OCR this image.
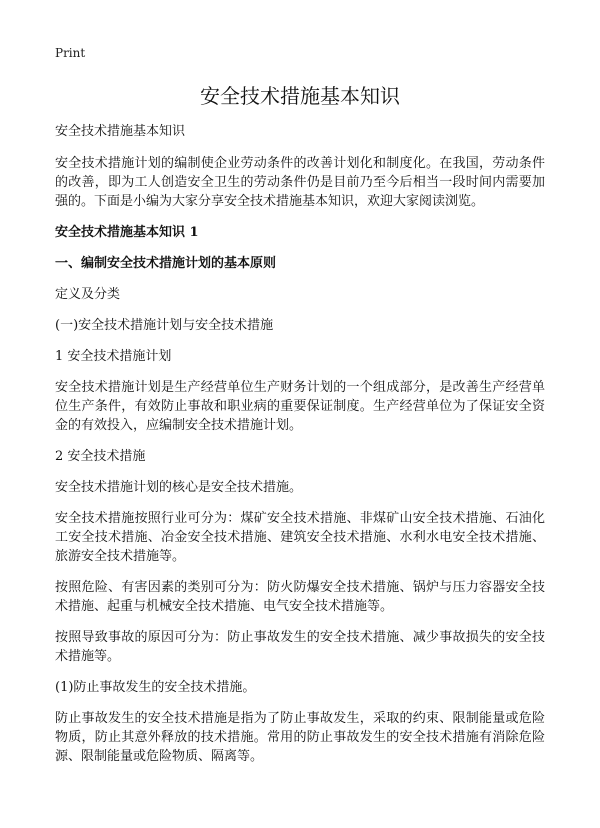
Print
安全技术措施基本知识

安全技术措施基本知识

安全技术措施计划的编制使企业劳动条件的改善计划化和制度化。在我国，劳动条件的改善，即为工人创造安全卫生的劳动条件仍是目前乃至今后相当一段时间内需要加强的。下面是小编为大家分享安全技术措施基本知识，欢迎大家阅读浏览。

安全技术措施基本知识 1

一、编制安全技术措施计划的基本原则

定义及分类

(一)安全技术措施计划与安全技术措施

1 安全技术措施计划

安全技术措施计划是生产经营单位生产财务计划的一个组成部分，是改善生产经营单位生产条件，有效防止事故和职业病的重要保证制度。生产经营单位为了保证安全资金的有效投入，应编制安全技术措施计划。

2 安全技术措施

安全技术措施计划的核心是安全技术措施。

安全技术措施按照行业可分为：煤矿安全技术措施、非煤矿山安全技术措施、石油化工安全技术措施、冶金安全技术措施、建筑安全技术措施、水利水电安全技术措施、旅游安全技术措施等。

按照危险、有害因素的类别可分为：防火防爆安全技术措施、锅炉与压力容器安全技术措施、起重与机械安全技术措施、电气安全技术措施等。

按照导致事故的原因可分为：防止事故发生的安全技术措施、减少事故损失的安全技术措施等。

(1)防止事故发生的安全技术措施。

防止事故发生的安全技术措施是指为了防止事故发生，采取的约束、限制能量或危险物质，防止其意外释放的技术措施。常用的防止事故发生的安全技术措施有消除危险源、限制能量或危险物质、隔离等。
